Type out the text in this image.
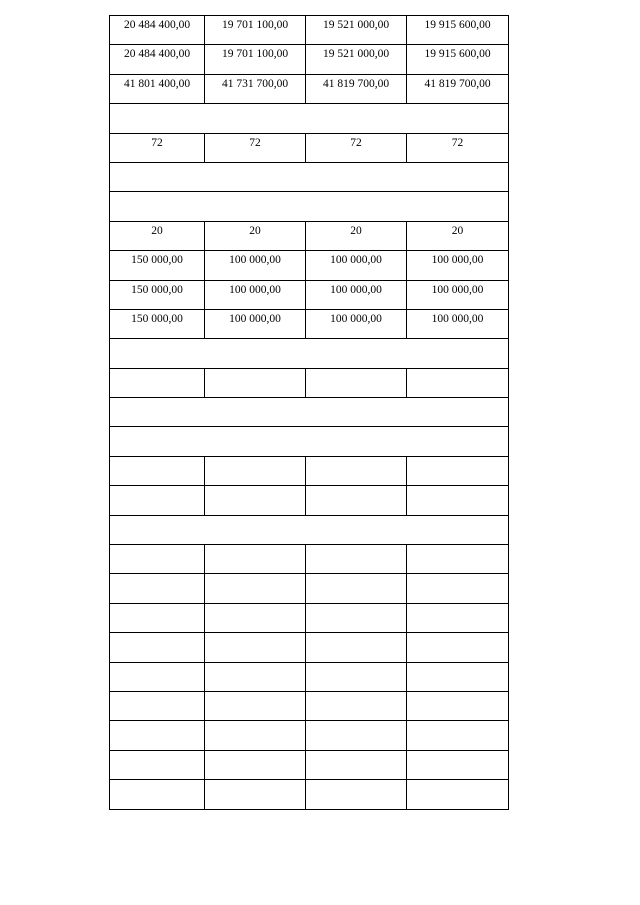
20 484 400,00	19 701 100,00	19 521 000,00	19 915 600,00
20 484 400,00	19 701 100,00	19 521 000,00	19 915 600,00
41 801 400,00	41 731 700,00	41 819 700,00	41 819 700,00

72	72	72	72

20	20	20	20
150 000,00	100 000,00	100 000,00	100 000,00
150 000,00	100 000,00	100 000,00	100 000,00
150 000,00	100 000,00	100 000,00	100 000,00
